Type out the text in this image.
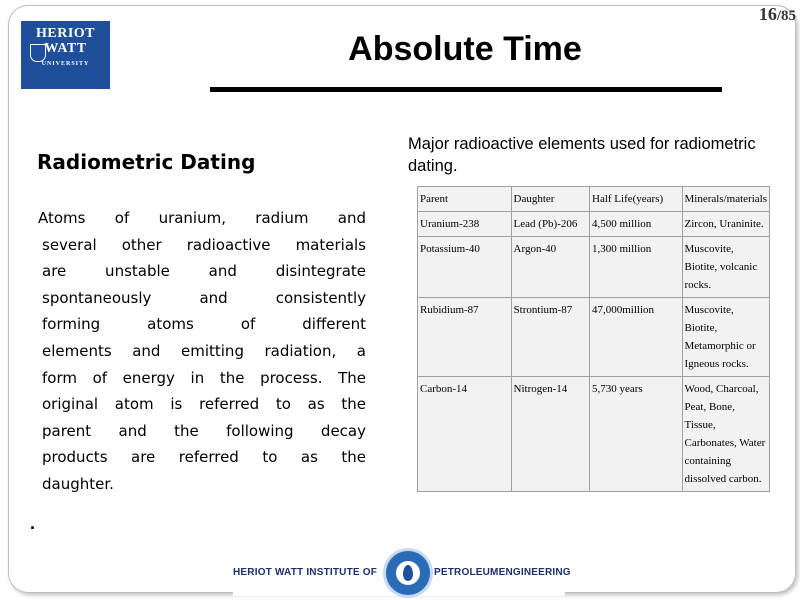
HERIOT
WATT
UNIVERSITY
16/85
Absolute Time
Radiometric Dating
Atoms of uranium, radium and
several other radioactive materials
are unstable and disintegrate
spontaneously and consistently
forming atoms of different
elements and emitting radiation, a
form of energy in the process. The
original atom is referred to as the
parent and the following decay
products are referred to as the
daughter.
.
Major radioactive elements used for radiometric dating.
Parent	Daughter	Half Life(years)	Minerals/materials
Uranium-238	Lead (Pb)-206	4,500 million	Zircon, Uraninite.
Potassium-40	Argon-40	1,300 million	Muscovite, Biotite, volcanic rocks.
Rubidium-87	Strontium-87	47,000million	Muscovite, Biotite, Metamorphic or Igneous rocks.
Carbon-14	Nitrogen-14	5,730 years	Wood, Charcoal, Peat, Bone, Tissue, Carbonates, Water containing dissolved carbon.
HERIOT WATT INSTITUTE OF	PETROLEUMENGINEERING
